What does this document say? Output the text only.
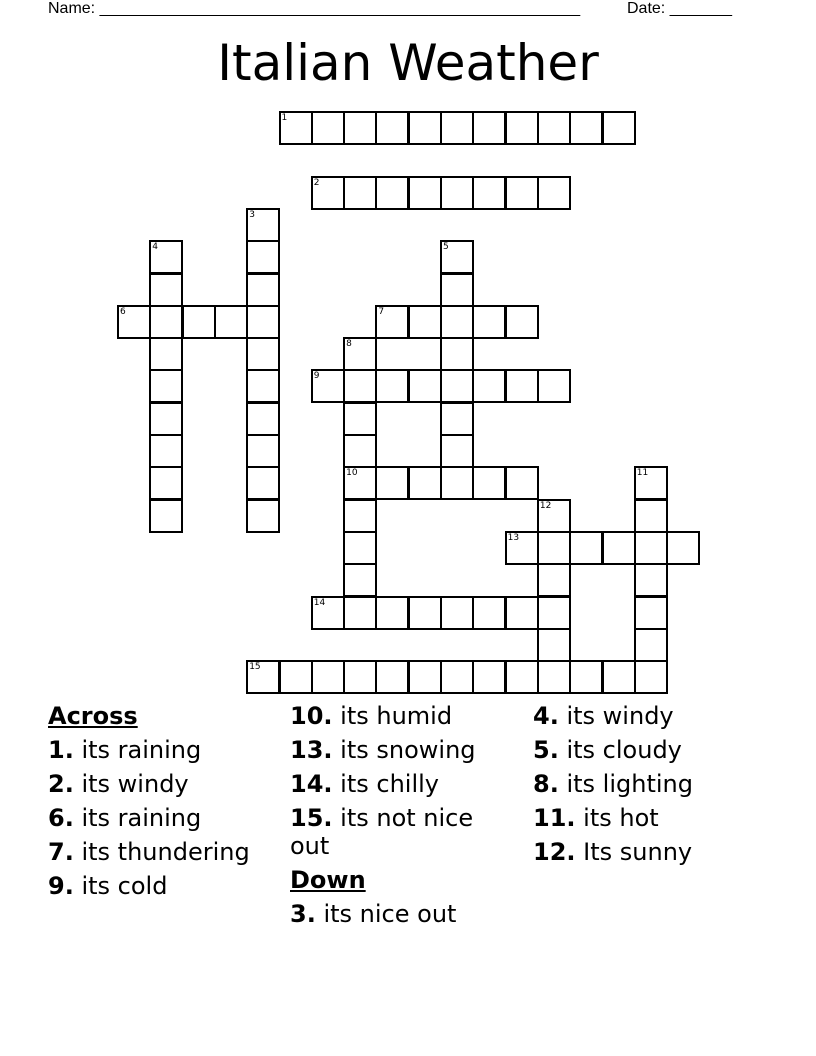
Name: ______________________________________________________	Date: _______
Italian Weather
1
2
3
4	5
6	7
8
10
9
11
12
13
14
15
Across
1. its raining
2. its windy
6. its raining
7. its thundering
9. its cold
10. its humid
13. its snowing
14. its chilly
15. its not nice out
Down
3. its nice out
4. its windy
5. its cloudy
8. its lighting
11. its hot
12. Its sunny
